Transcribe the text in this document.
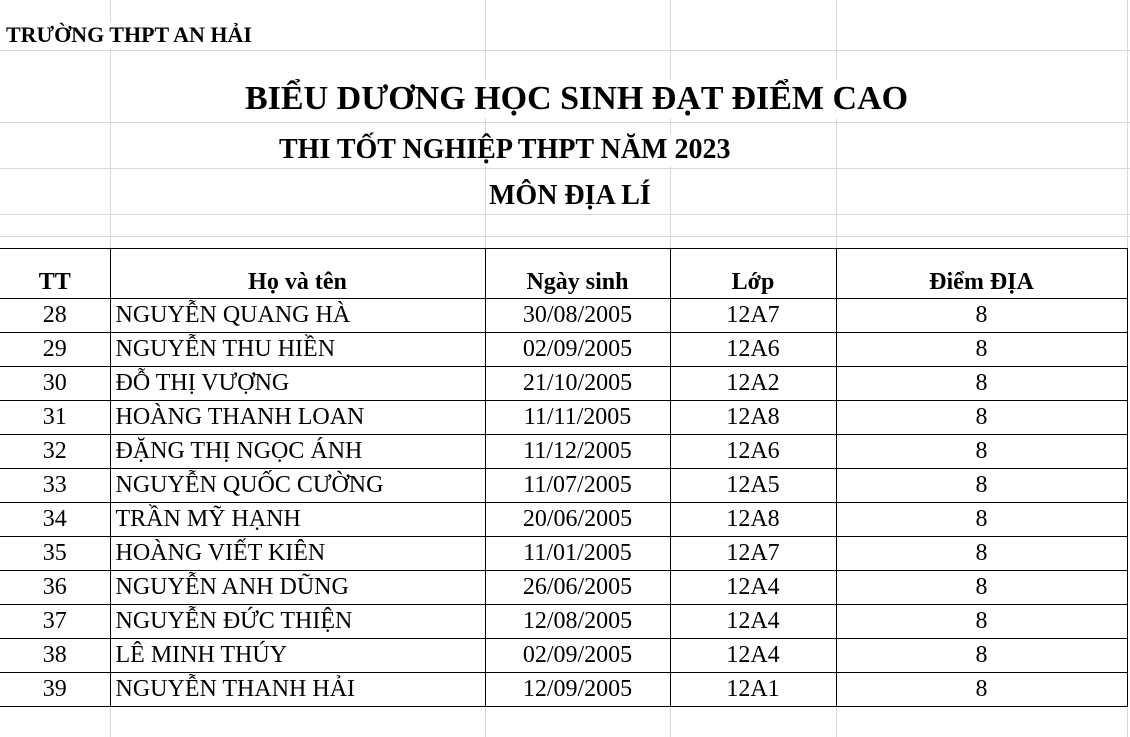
TRƯỜNG THPT AN HẢI
BIỂU DƯƠNG HỌC SINH ĐẠT ĐIỂM CAO
THI TỐT NGHIỆP THPT NĂM 2023
MÔN ĐỊA LÍ
TT	Họ và tên	Ngày sinh	Lớp	Điểm ĐỊA
28	NGUYỄN QUANG HÀ	30/08/2005	12A7	8
29	NGUYỄN THU HIỀN	02/09/2005	12A6	8
30	ĐỖ THỊ VƯỢNG	21/10/2005	12A2	8
31	HOÀNG THANH LOAN	11/11/2005	12A8	8
32	ĐẶNG THỊ NGỌC ÁNH	11/12/2005	12A6	8
33	NGUYỄN QUỐC CƯỜNG	11/07/2005	12A5	8
34	TRẦN MỸ HẠNH	20/06/2005	12A8	8
35	HOÀNG VIẾT KIÊN	11/01/2005	12A7	8
36	NGUYỄN ANH DŨNG	26/06/2005	12A4	8
37	NGUYỄN ĐỨC THIỆN	12/08/2005	12A4	8
38	LÊ MINH THÚY	02/09/2005	12A4	8
39	NGUYỄN THANH HẢI	12/09/2005	12A1	8
